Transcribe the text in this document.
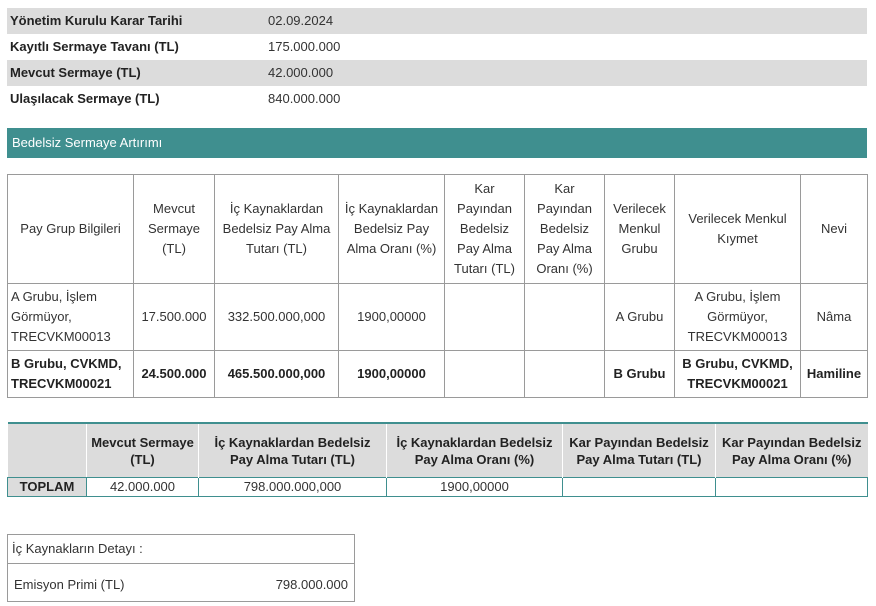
Yönetim Kurulu Karar Tarihi	02.09.2024
Kayıtlı Sermaye Tavanı (TL)	175.000.000
Mevcut Sermaye (TL)	42.000.000
Ulaşılacak Sermaye (TL)	840.000.000
Bedelsiz Sermaye Artırımı
Pay Grup Bilgileri	Mevcut Sermaye (TL)	İç Kaynaklardan Bedelsiz Pay Alma Tutarı (TL)	İç Kaynaklardan Bedelsiz Pay Alma Oranı (%)	Kar Payından Bedelsiz Pay Alma Tutarı (TL)	Kar Payından Bedelsiz Pay Alma Oranı (%)	Verilecek Menkul Grubu	Verilecek Menkul Kıymet	Nevi
A Grubu, İşlem Görmüyor, TRECVKM00013	17.500.000	332.500.000,000	1900,00000			A Grubu	A Grubu, İşlem Görmüyor, TRECVKM00013	Nâma
B Grubu, CVKMD, TRECVKM00021	24.500.000	465.500.000,000	1900,00000			B Grubu	B Grubu, CVKMD, TRECVKM00021	Hamiline
	Mevcut Sermaye (TL)	İç Kaynaklardan Bedelsiz Pay Alma Tutarı (TL)	İç Kaynaklardan Bedelsiz Pay Alma Oranı (%)	Kar Payından Bedelsiz Pay Alma Tutarı (TL)	Kar Payından Bedelsiz Pay Alma Oranı (%)
TOPLAM	42.000.000	798.000.000,000	1900,00000		
İç Kaynakların Detayı :
Emisyon Primi (TL)	798.000.000
